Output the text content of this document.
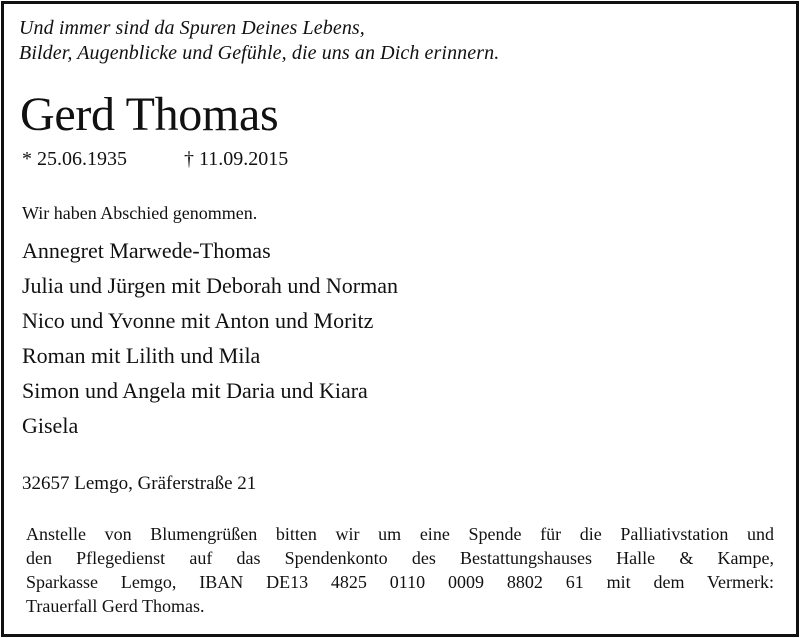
Und immer sind da Spuren Deines Lebens,
Bilder, Augenblicke und Gefühle, die uns an Dich erinnern.
Gerd Thomas
* 25.06.1935	† 11.09.2015
Wir haben Abschied genommen.
Annegret Marwede-Thomas
Julia und Jürgen mit Deborah und Norman
Nico und Yvonne mit Anton und Moritz
Roman mit Lilith und Mila
Simon und Angela mit Daria und Kiara
Gisela
32657 Lemgo, Gräferstraße 21
Anstelle von Blumengrüßen bitten wir um eine Spende für die Palliativstation und
den Pflegedienst auf das Spendenkonto des Bestattungshauses Halle & Kampe,
Sparkasse Lemgo, IBAN DE13 4825 0110 0009 8802 61 mit dem Vermerk:
Trauerfall Gerd Thomas.
